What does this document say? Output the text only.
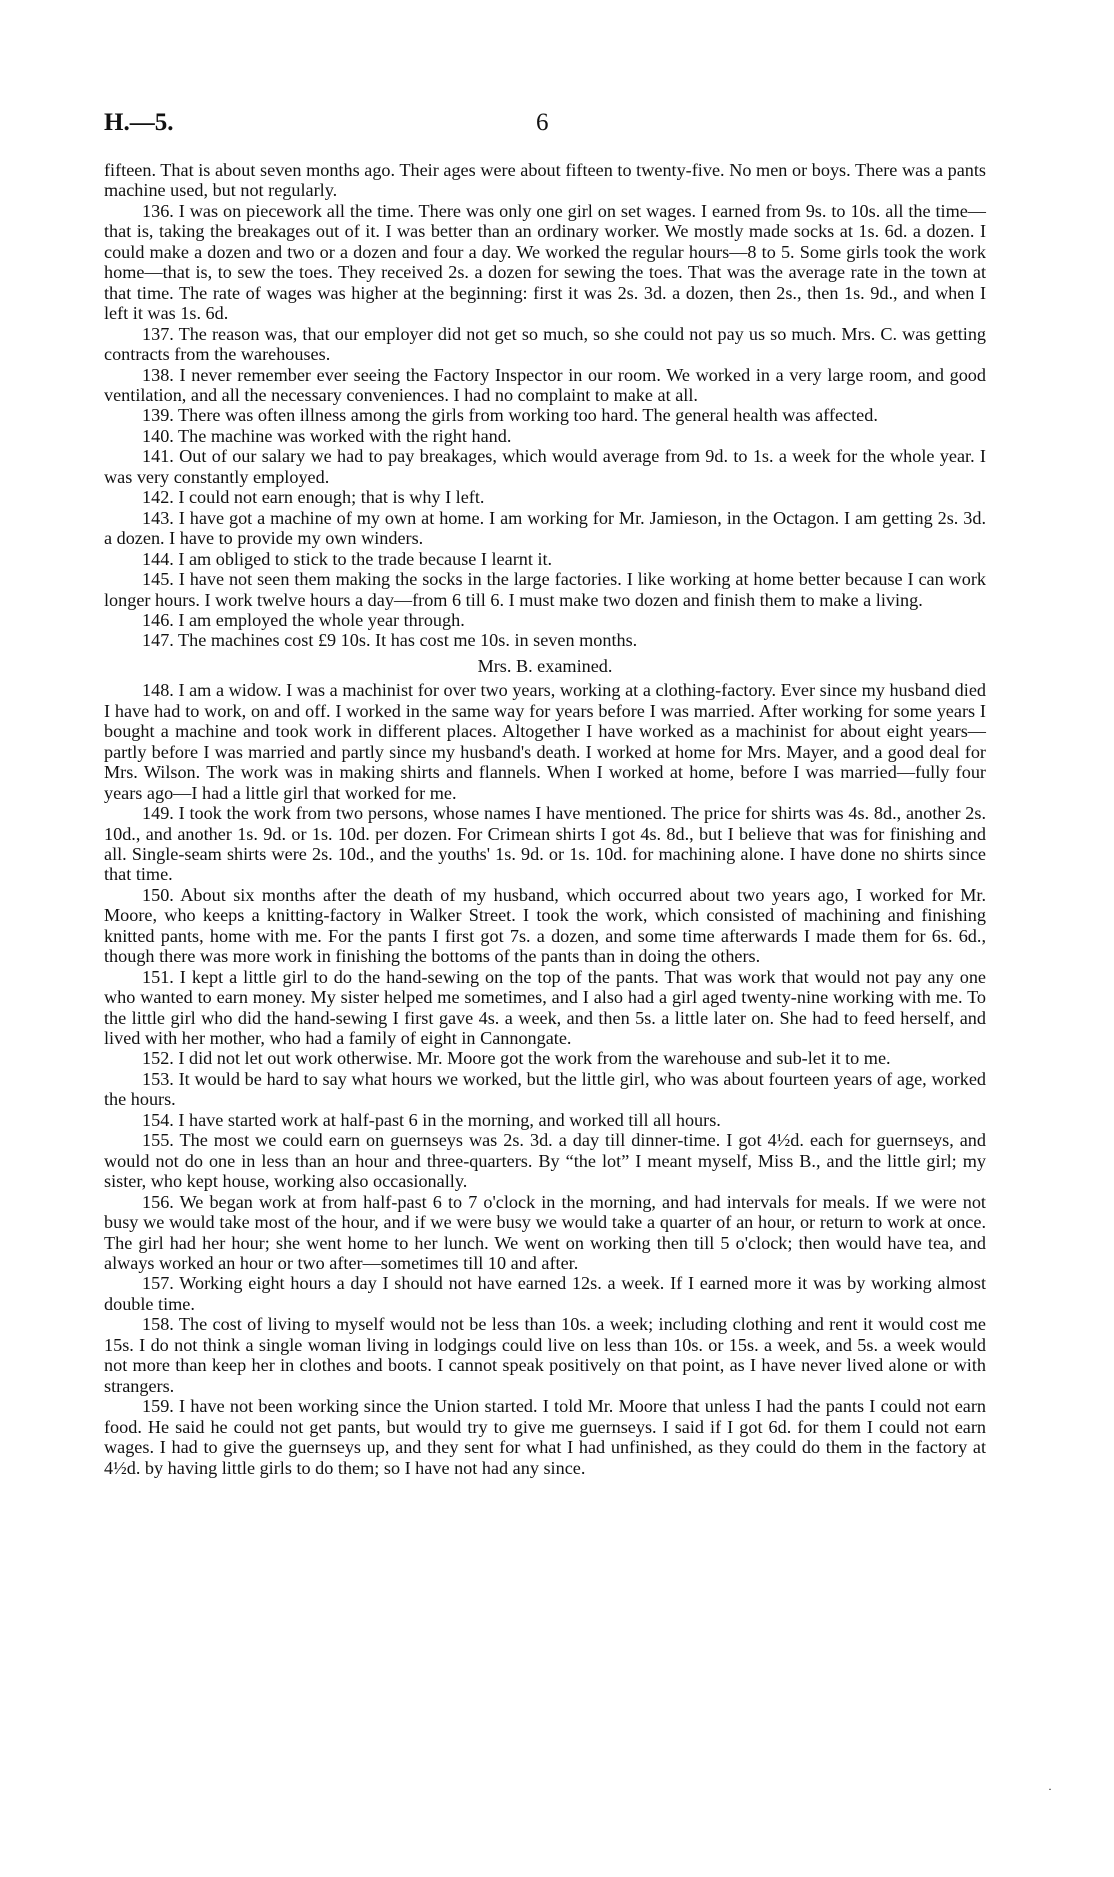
H.—5.	6

fifteen. That is about seven months ago. Their ages were about fifteen to twenty-five. No men or boys. There was a pants machine used, but not regularly.

136. I was on piecework all the time. There was only one girl on set wages. I earned from 9s. to 10s. all the time—that is, taking the breakages out of it. I was better than an ordinary worker. We mostly made socks at 1s. 6d. a dozen. I could make a dozen and two or a dozen and four a day. We worked the regular hours—8 to 5. Some girls took the work home—that is, to sew the toes. They received 2s. a dozen for sewing the toes. That was the average rate in the town at that time. The rate of wages was higher at the beginning: first it was 2s. 3d. a dozen, then 2s., then 1s. 9d., and when I left it was 1s. 6d.

137. The reason was, that our employer did not get so much, so she could not pay us so much. Mrs. C. was getting contracts from the warehouses.

138. I never remember ever seeing the Factory Inspector in our room. We worked in a very large room, and good ventilation, and all the necessary conveniences. I had no complaint to make at all.

139. There was often illness among the girls from working too hard. The general health was affected.

140. The machine was worked with the right hand.

141. Out of our salary we had to pay breakages, which would average from 9d. to 1s. a week for the whole year. I was very constantly employed.

142. I could not earn enough; that is why I left.

143. I have got a machine of my own at home. I am working for Mr. Jamieson, in the Octagon. I am getting 2s. 3d. a dozen. I have to provide my own winders.

144. I am obliged to stick to the trade because I learnt it.

145. I have not seen them making the socks in the large factories. I like working at home better because I can work longer hours. I work twelve hours a day—from 6 till 6. I must make two dozen and finish them to make a living.

146. I am employed the whole year through.

147. The machines cost £9 10s. It has cost me 10s. in seven months.

Mrs. B. examined.

148. I am a widow. I was a machinist for over two years, working at a clothing-factory. Ever since my husband died I have had to work, on and off. I worked in the same way for years before I was married. After working for some years I bought a machine and took work in different places. Altogether I have worked as a machinist for about eight years—partly before I was married and partly since my husband's death. I worked at home for Mrs. Mayer, and a good deal for Mrs. Wilson. The work was in making shirts and flannels. When I worked at home, before I was married—fully four years ago—I had a little girl that worked for me.

149. I took the work from two persons, whose names I have mentioned. The price for shirts was 4s. 8d., another 2s. 10d., and another 1s. 9d. or 1s. 10d. per dozen. For Crimean shirts I got 4s. 8d., but I believe that was for finishing and all. Single-seam shirts were 2s. 10d., and the youths' 1s. 9d. or 1s. 10d. for machining alone. I have done no shirts since that time.

150. About six months after the death of my husband, which occurred about two years ago, I worked for Mr. Moore, who keeps a knitting-factory in Walker Street. I took the work, which consisted of machining and finishing knitted pants, home with me. For the pants I first got 7s. a dozen, and some time afterwards I made them for 6s. 6d., though there was more work in finishing the bottoms of the pants than in doing the others.

151. I kept a little girl to do the hand-sewing on the top of the pants. That was work that would not pay any one who wanted to earn money. My sister helped me sometimes, and I also had a girl aged twenty-nine working with me. To the little girl who did the hand-sewing I first gave 4s. a week, and then 5s. a little later on. She had to feed herself, and lived with her mother, who had a family of eight in Cannongate.

152. I did not let out work otherwise. Mr. Moore got the work from the warehouse and sub-let it to me.

153. It would be hard to say what hours we worked, but the little girl, who was about fourteen years of age, worked the hours.

154. I have started work at half-past 6 in the morning, and worked till all hours.

155. The most we could earn on guernseys was 2s. 3d. a day till dinner-time. I got 4½d. each for guernseys, and would not do one in less than an hour and three-quarters. By “the lot” I meant myself, Miss B., and the little girl; my sister, who kept house, working also occasionally.

156. We began work at from half-past 6 to 7 o'clock in the morning, and had intervals for meals. If we were not busy we would take most of the hour, and if we were busy we would take a quarter of an hour, or return to work at once. The girl had her hour; she went home to her lunch. We went on working then till 5 o'clock; then would have tea, and always worked an hour or two after—sometimes till 10 and after.

157. Working eight hours a day I should not have earned 12s. a week. If I earned more it was by working almost double time.

158. The cost of living to myself would not be less than 10s. a week; including clothing and rent it would cost me 15s. I do not think a single woman living in lodgings could live on less than 10s. or 15s. a week, and 5s. a week would not more than keep her in clothes and boots. I cannot speak positively on that point, as I have never lived alone or with strangers.

159. I have not been working since the Union started. I told Mr. Moore that unless I had the pants I could not earn food. He said he could not get pants, but would try to give me guernseys. I said if I got 6d. for them I could not earn wages. I had to give the guernseys up, and they sent for what I had unfinished, as they could do them in the factory at 4½d. by having little girls to do them; so I have not had any since.

·
